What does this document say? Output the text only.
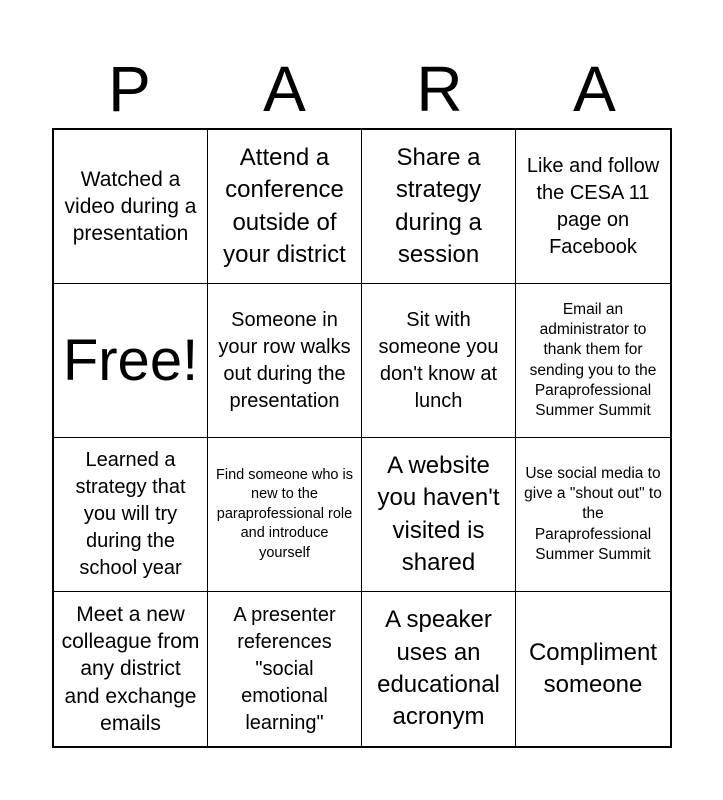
P	A	R	A
Watched a video during a presentation
Attend a conference outside of your district
Share a strategy during a session
Like and follow the CESA 11 page on Facebook
Free!
Someone in your row walks out during the presentation
Sit with someone you don't know at lunch
Email an administrator to thank them for sending you to the Paraprofessional Summer Summit
Learned a strategy that you will try during the school year
Find someone who is new to the paraprofessional role and introduce yourself
A website you haven't visited is shared
Use social media to give a "shout out" to the Paraprofessional Summer Summit
Meet a new colleague from any district and exchange emails
A presenter references "social emotional learning"
A speaker uses an educational acronym
Compliment someone
